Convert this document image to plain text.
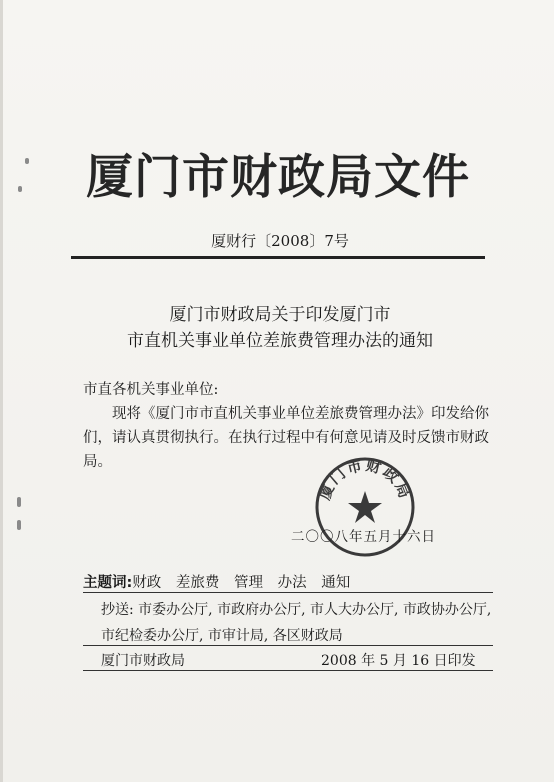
厦门市财政局文件
厦财行〔2008〕7号
厦门市财政局关于印发厦门市
市直机关事业单位差旅费管理办法的通知
市直各机关事业单位:
现将《厦门市市直机关事业单位差旅费管理办法》印发给你们，请认真贯彻执行。在执行过程中有何意见请及时反馈市财政局。
厦门市财政局
二〇〇八年五月十六日
主题词:财政 差旅费 管理 办法 通知
抄送: 市委办公厅, 市政府办公厅, 市人大办公厅, 市政协办公厅, 市纪检委办公厅, 市审计局, 各区财政局
厦门市财政局	2008 年 5 月 16 日印发
